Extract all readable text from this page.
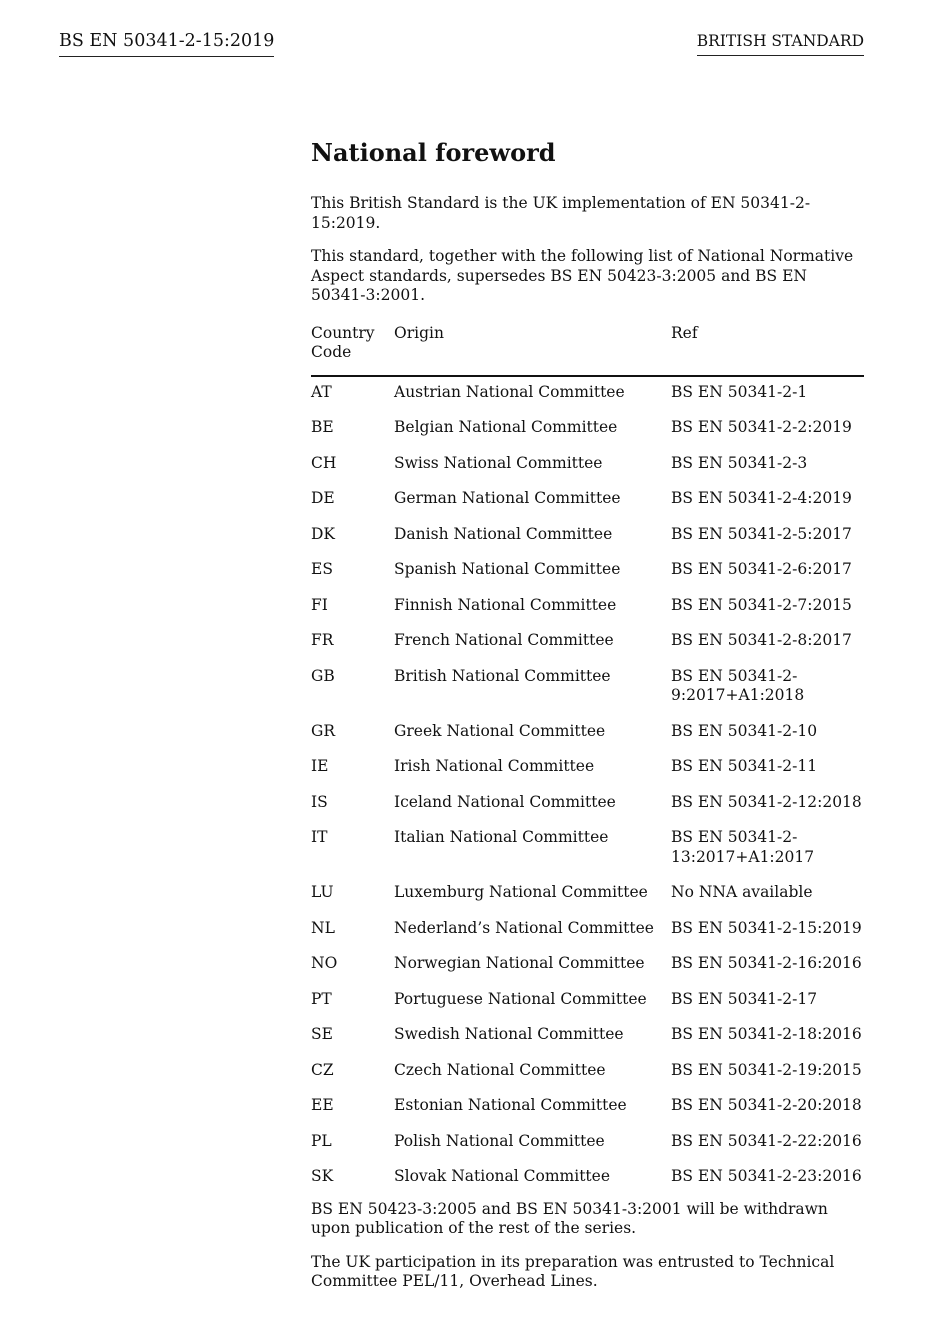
BS EN 50341-2-15:2019	BRITISH STANDARD
National foreword

This British Standard is the UK implementation of EN 50341-2-15:2019.

This standard, together with the following list of National Normative Aspect standards, supersedes BS EN 50423-3:2005 and BS EN 50341-3:2001.

Country Code	Origin	Ref
AT	Austrian National Committee	BS EN 50341-2-1
BE	Belgian National Committee	BS EN 50341-2-2:2019
CH	Swiss National Committee	BS EN 50341-2-3
DE	German National Committee	BS EN 50341-2-4:2019
DK	Danish National Committee	BS EN 50341-2-5:2017
ES	Spanish National Committee	BS EN 50341-2-6:2017
FI	Finnish National Committee	BS EN 50341-2-7:2015
FR	French National Committee	BS EN 50341-2-8:2017
GB	British National Committee	BS EN 50341-2-9:2017+A1:2018
GR	Greek National Committee	BS EN 50341-2-10
IE	Irish National Committee	BS EN 50341-2-11
IS	Iceland National Committee	BS EN 50341-2-12:2018
IT	Italian National Committee	BS EN 50341-2-13:2017+A1:2017
LU	Luxemburg National Committee	No NNA available
NL	Nederland’s National Committee	BS EN 50341-2-15:2019
NO	Norwegian National Committee	BS EN 50341-2-16:2016
PT	Portuguese National Committee	BS EN 50341-2-17
SE	Swedish National Committee	BS EN 50341-2-18:2016
CZ	Czech National Committee	BS EN 50341-2-19:2015
EE	Estonian National Committee	BS EN 50341-2-20:2018
PL	Polish National Committee	BS EN 50341-2-22:2016
SK	Slovak National Committee	BS EN 50341-2-23:2016

BS EN 50423-3:2005 and BS EN 50341-3:2001 will be withdrawn upon publication of the rest of the series.

The UK participation in its preparation was entrusted to Technical Committee PEL/11, Overhead Lines.
